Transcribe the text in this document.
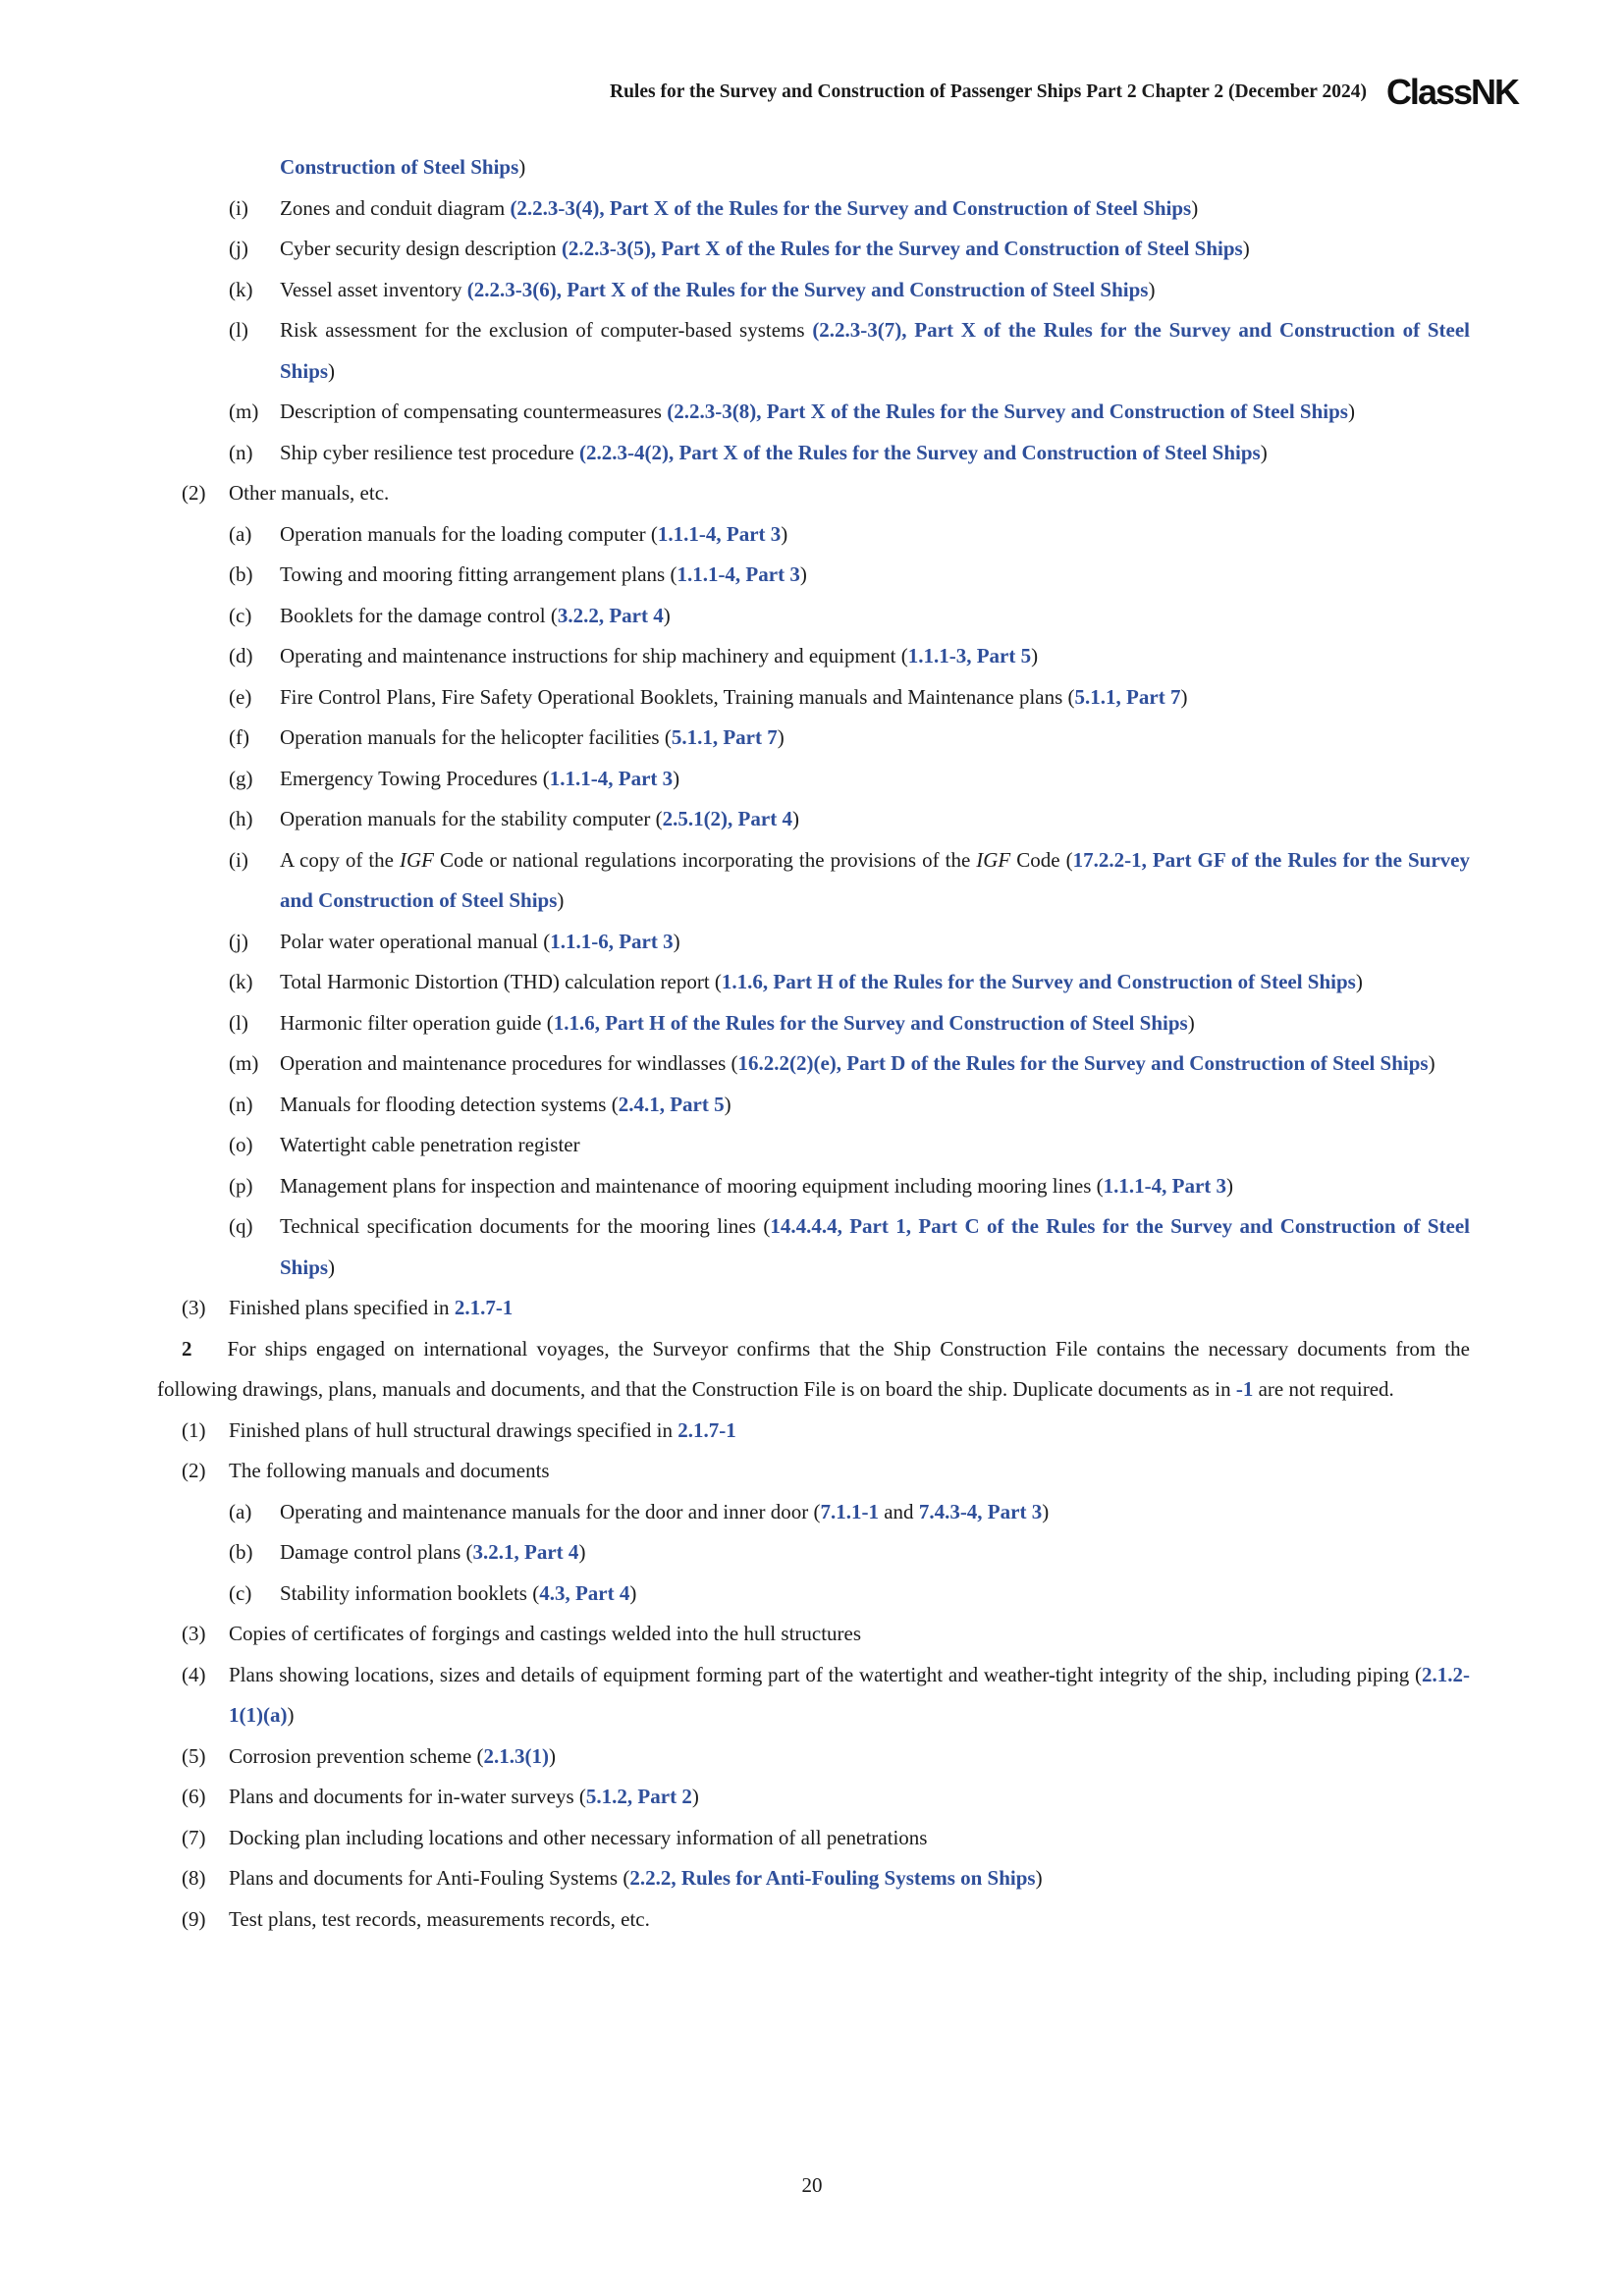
Rules for the Survey and Construction of Passenger Ships Part 2 Chapter 2 (December 2024) ClassNK
Construction of Steel Ships)
(i)	Zones and conduit diagram (2.2.3-3(4), Part X of the Rules for the Survey and Construction of Steel Ships)
(j)	Cyber security design description (2.2.3-3(5), Part X of the Rules for the Survey and Construction of Steel Ships)
(k)	Vessel asset inventory (2.2.3-3(6), Part X of the Rules for the Survey and Construction of Steel Ships)
(l)	Risk assessment for the exclusion of computer-based systems (2.2.3-3(7), Part X of the Rules for the Survey and Construction of Steel Ships)
(m)	Description of compensating countermeasures (2.2.3-3(8), Part X of the Rules for the Survey and Construction of Steel Ships)
(n)	Ship cyber resilience test procedure (2.2.3-4(2), Part X of the Rules for the Survey and Construction of Steel Ships)
(2)	Other manuals, etc.
(a)	Operation manuals for the loading computer (1.1.1-4, Part 3)
(b)	Towing and mooring fitting arrangement plans (1.1.1-4, Part 3)
(c)	Booklets for the damage control (3.2.2, Part 4)
(d)	Operating and maintenance instructions for ship machinery and equipment (1.1.1-3, Part 5)
(e)	Fire Control Plans, Fire Safety Operational Booklets, Training manuals and Maintenance plans (5.1.1, Part 7)
(f)	Operation manuals for the helicopter facilities (5.1.1, Part 7)
(g)	Emergency Towing Procedures (1.1.1-4, Part 3)
(h)	Operation manuals for the stability computer (2.5.1(2), Part 4)
(i)	A copy of the IGF Code or national regulations incorporating the provisions of the IGF Code (17.2.2-1, Part GF of the Rules for the Survey and Construction of Steel Ships)
(j)	Polar water operational manual (1.1.1-6, Part 3)
(k)	Total Harmonic Distortion (THD) calculation report (1.1.6, Part H of the Rules for the Survey and Construction of Steel Ships)
(l)	Harmonic filter operation guide (1.1.6, Part H of the Rules for the Survey and Construction of Steel Ships)
(m)	Operation and maintenance procedures for windlasses (16.2.2(2)(e), Part D of the Rules for the Survey and Construction of Steel Ships)
(n)	Manuals for flooding detection systems (2.4.1, Part 5)
(o)	Watertight cable penetration register
(p)	Management plans for inspection and maintenance of mooring equipment including mooring lines (1.1.1-4, Part 3)
(q)	Technical specification documents for the mooring lines (14.4.4.4, Part 1, Part C of the Rules for the Survey and Construction of Steel Ships)
(3)	Finished plans specified in 2.1.7-1
2 For ships engaged on international voyages, the Surveyor confirms that the Ship Construction File contains the necessary documents from the following drawings, plans, manuals and documents, and that the Construction File is on board the ship. Duplicate documents as in -1 are not required.
(1)	Finished plans of hull structural drawings specified in 2.1.7-1
(2)	The following manuals and documents
(a)	Operating and maintenance manuals for the door and inner door (7.1.1-1 and 7.4.3-4, Part 3)
(b)	Damage control plans (3.2.1, Part 4)
(c)	Stability information booklets (4.3, Part 4)
(3)	Copies of certificates of forgings and castings welded into the hull structures
(4)	Plans showing locations, sizes and details of equipment forming part of the watertight and weather-tight integrity of the ship, including piping (2.1.2-1(1)(a))
(5)	Corrosion prevention scheme (2.1.3(1))
(6)	Plans and documents for in-water surveys (5.1.2, Part 2)
(7)	Docking plan including locations and other necessary information of all penetrations
(8)	Plans and documents for Anti-Fouling Systems (2.2.2, Rules for Anti-Fouling Systems on Ships)
(9)	Test plans, test records, measurements records, etc.
20
